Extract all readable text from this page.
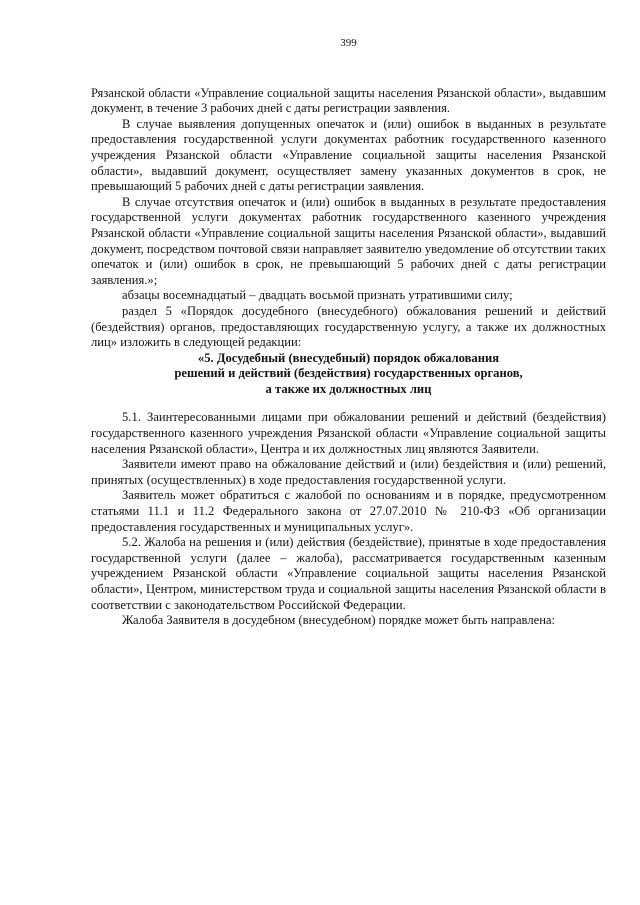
399

Рязанской области «Управление социальной защиты населения Рязанской области», выдавшим документ, в течение 3 рабочих дней с даты регистрации заявления.

В случае выявления допущенных опечаток и (или) ошибок в выданных в результате предоставления государственной услуги документах работник государственного казенного учреждения Рязанской области «Управление социальной защиты населения Рязанской области», выдавший документ, осуществляет замену указанных документов в срок, не превышающий 5 рабочих дней с даты регистрации заявления.

В случае отсутствия опечаток и (или) ошибок в выданных в результате предоставления государственной услуги документах работник государственного казенного учреждения Рязанской области «Управление социальной защиты населения Рязанской области», выдавший документ, посредством почтовой связи направляет заявителю уведомление об отсутствии таких опечаток и (или) ошибок в срок, не превышающий 5 рабочих дней с даты регистрации заявления.»;

абзацы восемнадцатый – двадцать восьмой признать утратившими силу;

раздел 5 «Порядок досудебного (внесудебного) обжалования решений и действий (бездействия) органов, предоставляющих государственную услугу, а также их должностных лиц» изложить в следующей редакции:

«5. Досудебный (внесудебный) порядок обжалования

решений и действий (бездействия) государственных органов,

а также их должностных лиц

5.1. Заинтересованными лицами при обжаловании решений и действий (бездействия) государственного казенного учреждения Рязанской области «Управление социальной защиты населения Рязанской области», Центра и их должностных лиц являются Заявители.

Заявители имеют право на обжалование действий и (или) бездействия и (или) решений, принятых (осуществленных) в ходе предоставления государственной услуги.

Заявитель может обратиться с жалобой по основаниям и в порядке, предусмотренном статьями 11.1 и 11.2 Федерального закона от 27.07.2010 № 210-ФЗ «Об организации предоставления государственных и муниципальных услуг».

5.2. Жалоба на решения и (или) действия (бездействие), принятые в ходе предоставления государственной услуги (далее – жалоба), рассматривается государственным казенным учреждением Рязанской области «Управление социальной защиты населения Рязанской области», Центром, министерством труда и социальной защиты населения Рязанской области в соответствии с законодательством Российской Федерации.

Жалоба Заявителя в досудебном (внесудебном) порядке может быть направлена:
